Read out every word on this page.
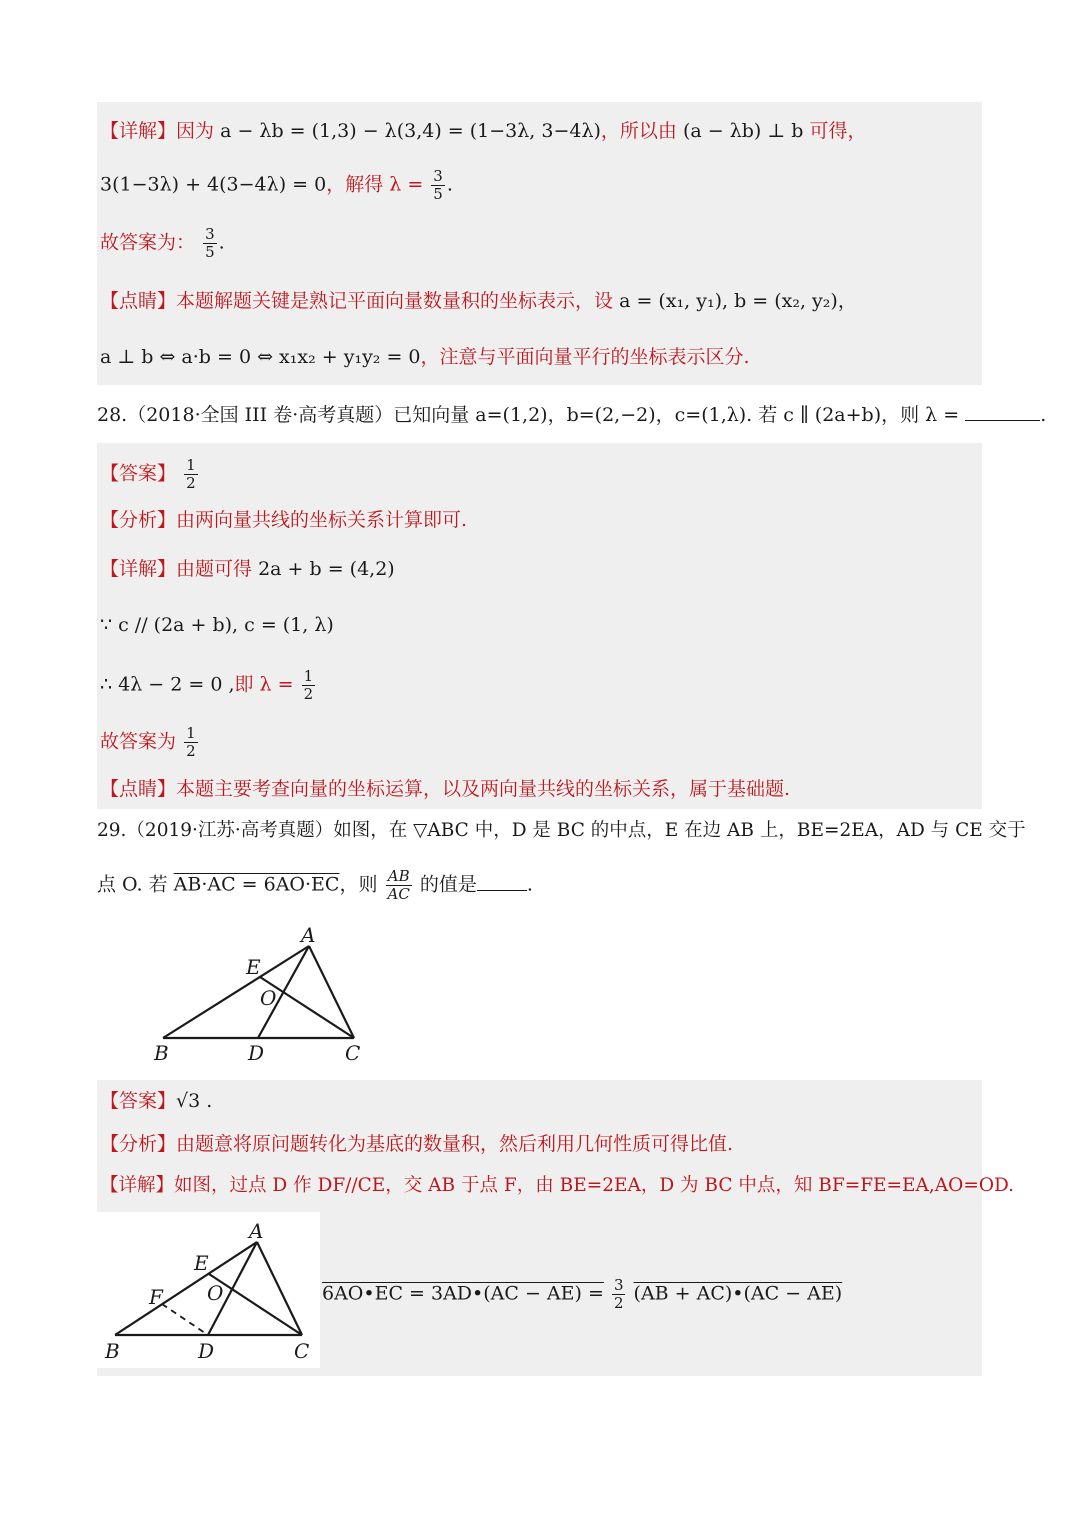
【详解】因为 a − λb = (1,3) − λ(3,4) = (1−3λ, 3−4λ)，所以由 (a − λb) ⊥ b 可得，
3(1−3λ) + 4(3−4λ) = 0，解得 $\lambda = \frac{3}{5}$ .
故答案为： $\frac{3}{5}$ .
【点睛】本题解题关键是熟记平面向量数量积的坐标表示，设 a = (x₁, y₁), b = (x₂, y₂)，
a ⊥ b ⇔ a·b = 0 ⇔ x₁x₂ + y₁y₂ = 0，注意与平面向量平行的坐标表示区分.
28.（2018·全国 III 卷·高考真题）已知向量 a=(1,2)，b=(2,−2)，c=(1,λ). 若 c ∥ (2a+b)，则 λ =	.
【答案】 $\frac{1}{2}$
【分析】由两向量共线的坐标关系计算即可.
【详解】由题可得 2a + b = (4,2)
∵ c // (2a + b), c = (1, λ)
∴ 4λ − 2 = 0 ,即 $\lambda = \frac{1}{2}$
故答案为 $\frac{1}{2}$
【点睛】本题主要考查向量的坐标运算，以及两向量共线的坐标关系，属于基础题.
29.（2019·江苏·高考真题）如图，在 ▽ABC 中，D 是 BC 的中点，E 在边 AB 上，BE=2EA，AD 与 CE 交于
点 O. 若 AB·AC = 6AO·EC，则 $\frac{AB}{AC}$ 的值是	.
A
E
O
B	D	C
【答案】√3 .
【分析】由题意将原问题转化为基底的数量积，然后利用几何性质可得比值.
【详解】如图，过点 D 作 DF//CE，交 AB 于点 F，由 BE=2EA，D 为 BC 中点，知 BF=FE=EA,AO=OD.
A
E
F O
B	D	C
6AO•EC = 3AD•(AC − $AE) = \frac{3}{2} (AB$ + AC)•(AC − AE)
